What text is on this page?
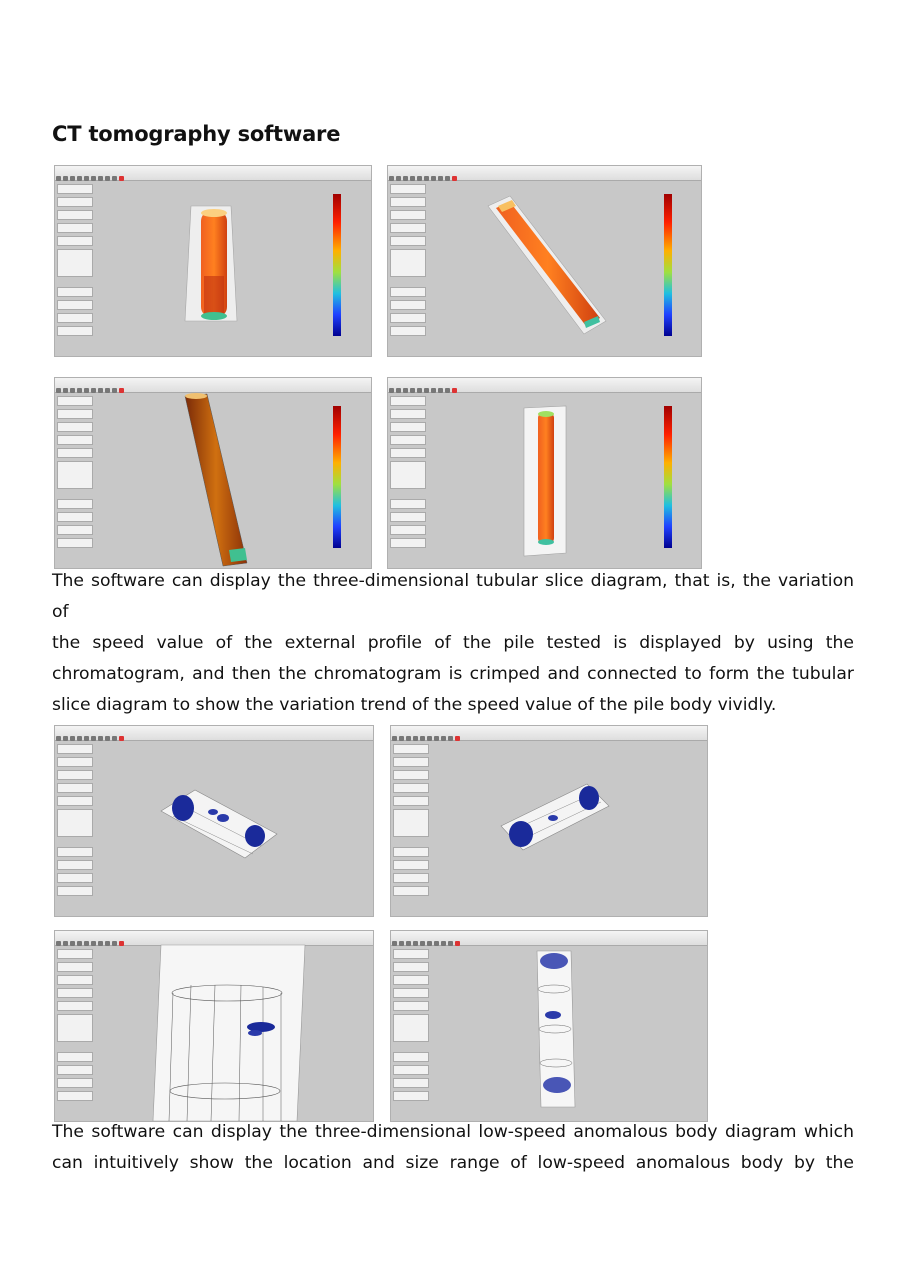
CT tomography software
The software can display the three-dimensional tubular slice diagram, that is, the variation of
the speed value of the external profile of the pile tested is displayed by using the
chromatogram, and then the chromatogram is crimped and connected to form the tubular
slice diagram to show the variation trend of the speed value of the pile body vividly.
The software can display the three-dimensional low-speed anomalous body diagram which
can intuitively show the location and size range of low-speed anomalous body by the
